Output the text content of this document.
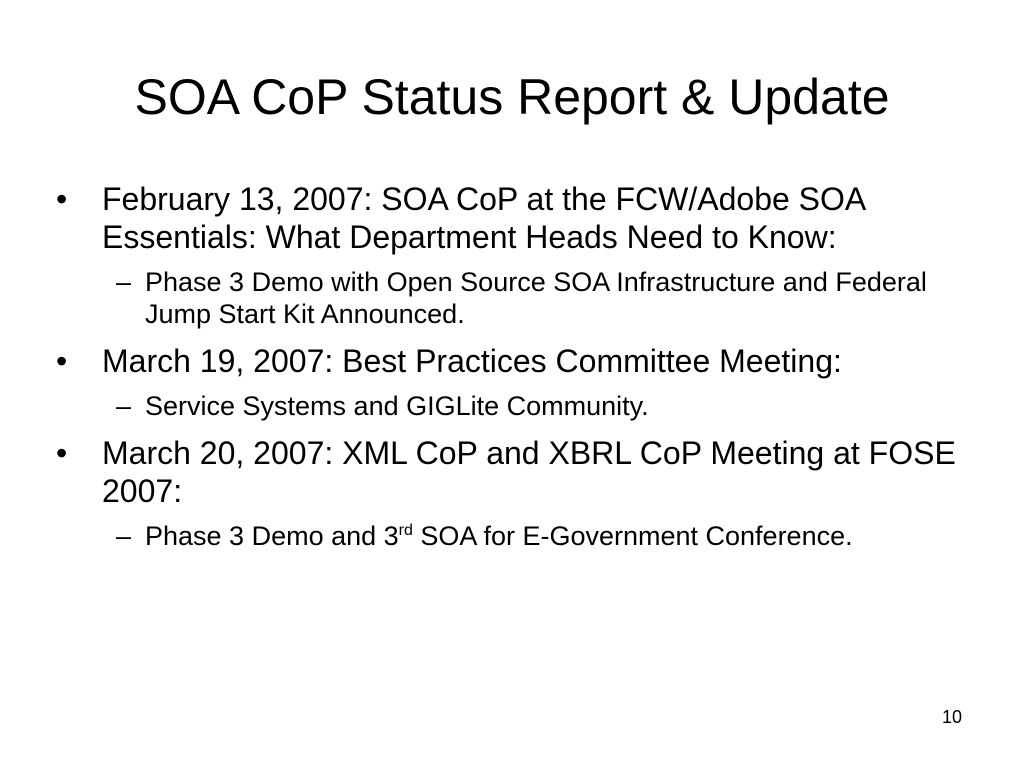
SOA CoP Status Report & Update
• February 13, 2007: SOA CoP at the FCW/Adobe SOA Essentials: What Department Heads Need to Know:
– Phase 3 Demo with Open Source SOA Infrastructure and Federal Jump Start Kit Announced.
• March 19, 2007: Best Practices Committee Meeting:
– Service Systems and GIGLite Community.
• March 20, 2007: XML CoP and XBRL CoP Meeting at FOSE 2007:
– Phase 3 Demo and 3rd SOA for E-Government Conference.
10
